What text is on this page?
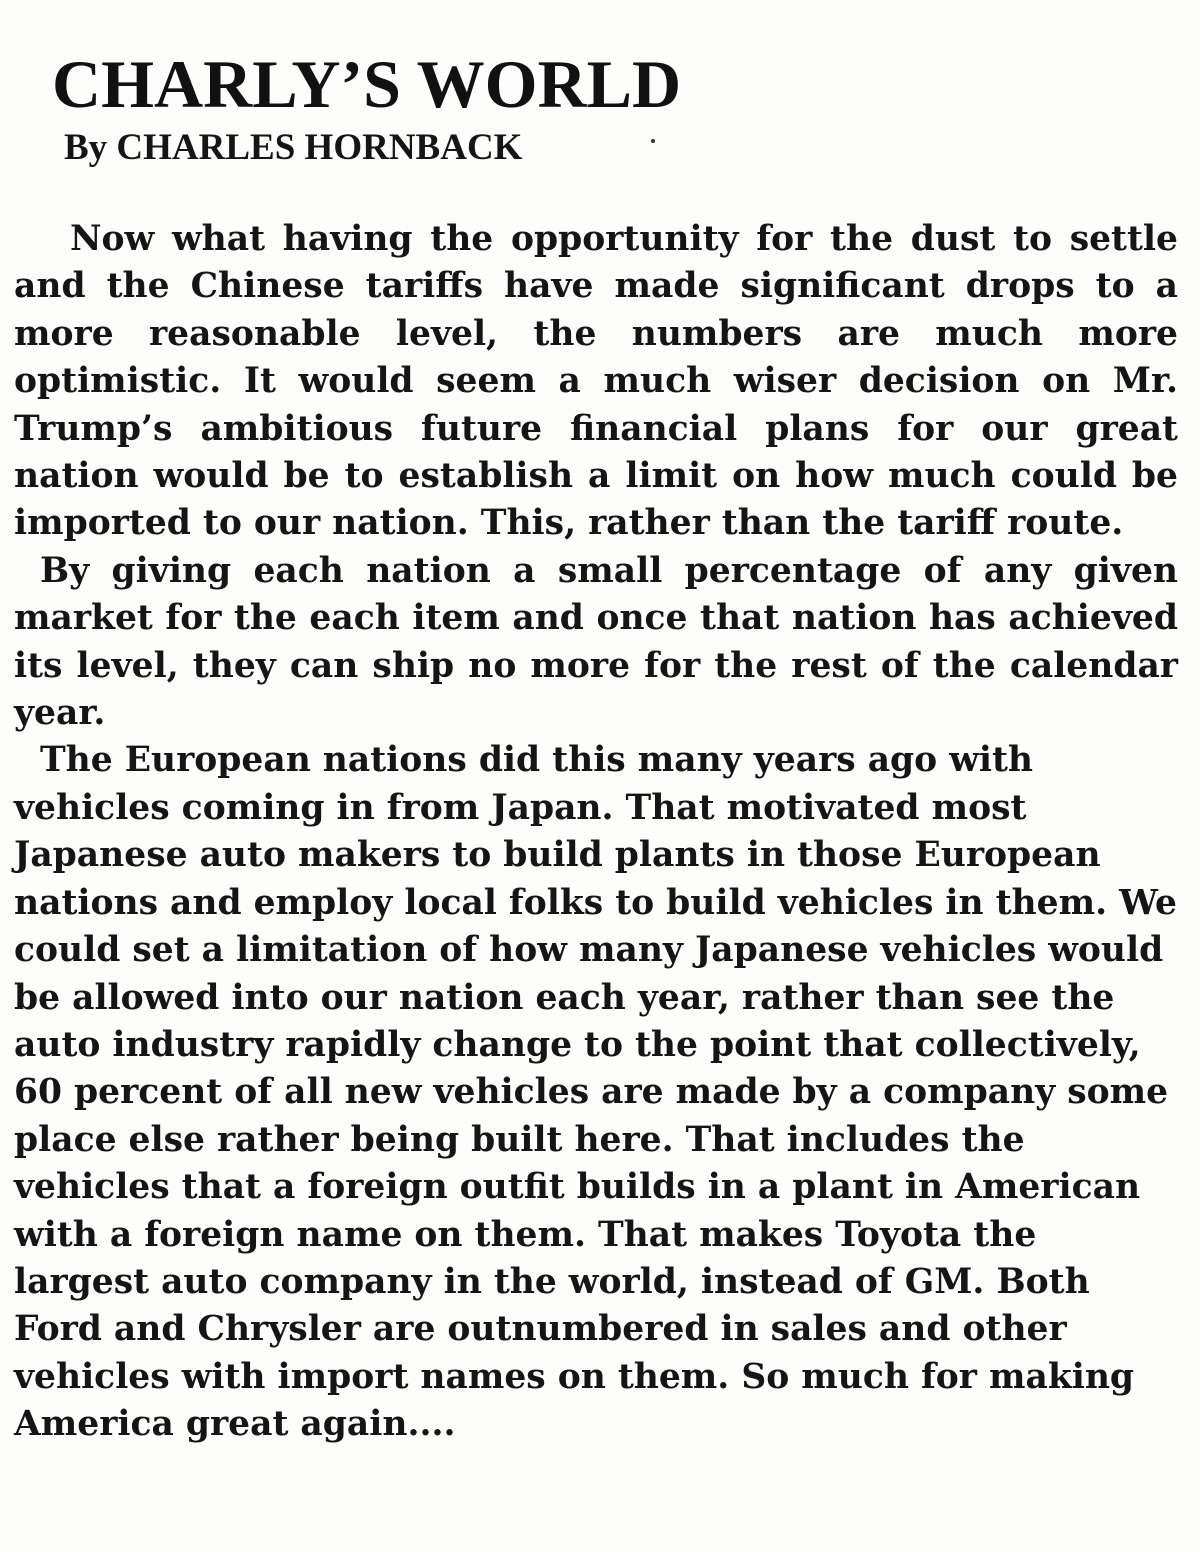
CHARLY’S WORLD
By CHARLES HORNBACK

Now what having the opportunity for the dust to settle and the Chinese tariffs have made significant drops to a more reasonable level, the numbers are much more optimistic. It would seem a much wiser decision on Mr. Trump’s ambitious future financial plans for our great nation would be to establish a limit on how much could be imported to our nation. This, rather than the tariff route.

By giving each nation a small percentage of any given market for the each item and once that nation has achieved its level, they can ship no more for the rest of the calendar year.

The European nations did this many years ago with vehicles coming in from Japan. That motivated most Japanese auto makers to build plants in those European nations and employ local folks to build vehicles in them. We could set a limitation of how many Japanese vehicles would be allowed into our nation each year, rather than see the auto industry rapidly change to the point that collectively, 60 percent of all new vehicles are made by a company some place else rather being built here. That includes the vehicles that a foreign outfit builds in a plant in American with a foreign name on them. That makes Toyota the largest auto company in the world, instead of GM. Both Ford and Chrysler are outnumbered in sales and other vehicles with import names on them. So much for making America great again....
